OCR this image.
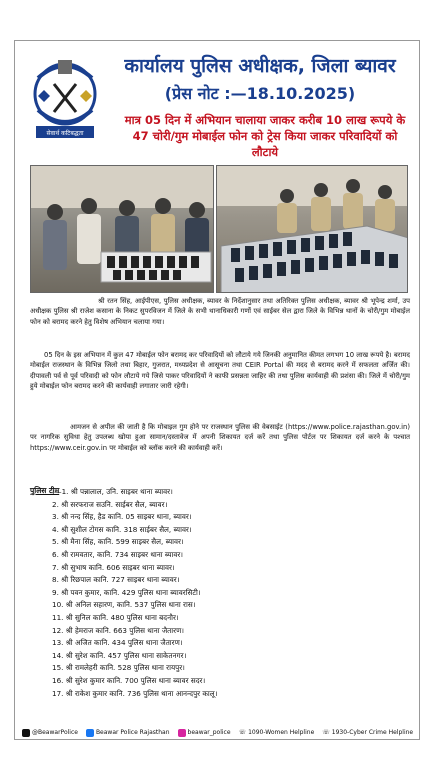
सेवार्थ कटिबद्धता
कार्यालय पुलिस अधीक्षक, जिला ब्यावर
(प्रेस नोट :—18.10.2025)
मात्र 05 दिन में अभियान चालाया जाकर करीब 10 लाख रूपये के 47 चोरी/गुम मोबाईल फोन को ट्रेस किया जाकर परिवादियों को लौटाये
श्री रतन सिंह, आईपीएस, पुलिस अधीक्षक, ब्यावर के निर्देशानुसार तथा अतिरिक्त पुलिस अधीक्षक, ब्यावर श्री भूपेन्द्र शर्मा, उप अधीक्षक पुलिस श्री राजेश कसाना के निकट सुपरविजन में जिले के सभी थानाधिकारी गणों एवं साईबर सेल द्वारा जिले के विभिन्न थानों के चोरी/गुम मोबाईल फोन को बरामद करने हेतु विशेष अभियान चलाया गया।
05 दिन के इस अभियान में कुल 47 मोबाईल फोन बरामद कर परिवादियों को लौटाये गये जिनकी अनुमानित कीमत लगभग 10 लाख रूपये है। बरामद मोबाईल राजस्थान के विभिन्न जिलो तथा बिहार, गुजरात, मध्यप्रदेश से आसूचना तथा CEIR Portal की मदद से बरामद करने में सफलता अर्जित की। दीपावली पर्व से पूर्व परिवादी को फोन लौटाये गये जिसे पाकर परिवादियों ने काफी प्रसन्नता जाहिर की तथा पुलिस कार्यवाही की प्रशंसा की। जिले में चोरी/गुम हुये मोबाईल फोन बरामद करने की कार्यवाही लगातार जारी रहेगी।
आमजन से अपील की जाती है कि मोबाइल गुम होने पर राजस्थान पुलिस की वेबसाईट (https://www.police.rajasthan.gov.in) पर नागरिक सुविधा हेतु उपलब्ध खोया हुआ सामान/दस्तावेज में अपनी शिकायत दर्ज करें तथा पुलिस पोर्टल पर शिकायत दर्ज करने के पश्चात https://www.ceir.gov.in पर मोबाईल को ब्लॉक करने की कार्यवाही करें।
पुलिस टीम
:—1. श्री पन्नालाल, उनि. साइबर थाना ब्यावर।
2. श्री सरफराज सउनि. साईबर सैल, ब्यावर।
3. श्री नन्द सिंह, हैड कानि. 05 साइबर थाना, ब्यावर।
4. श्री सुशील टोगस कानि. 318 साईबर सैल, ब्यावर।
5. श्री मैना सिंह, कानि. 599 साइबर सैल, ब्यावर।
6. श्री रामवतार, कानि. 734 साइबर थाना ब्यावर।
7. श्री सुभाष कानि. 606 साइबर थाना ब्यावर।
8. श्री रिछपाल कानि. 727 साइबर थाना ब्यावर।
9. श्री पवन कुमार, कानि. 429 पुलिस थाना ब्यावरसिटी।
10. श्री अनिल सहारण, कानि. 537 पुलिस थाना रास।
11. श्री सुनिल कानि. 480 पुलिस थाना बदनौर।
12. श्री हेमराज कानि. 663 पुलिस थाना जैतारण।
13. श्री अजित कानि. 434 पुलिस थाना जैतारण।
14. श्री सुरेश कानि. 457 पुलिस थाना साकेतनगर।
15. श्री रामलेहरी कानि. 528 पुलिस थाना रायपुर।
16. श्री सुरेश कुमार कानि. 700 पुलिस थाना ब्यावर सदर।
17. श्री राकेश कुमार कानि. 736 पुलिस थाना आनन्दपुर कालू।
@BeawarPolice	Beawar Police Rajasthan	beawar_police ☏ 1090-Women Helpline ☏ 1930-Cyber Crime Helpline
